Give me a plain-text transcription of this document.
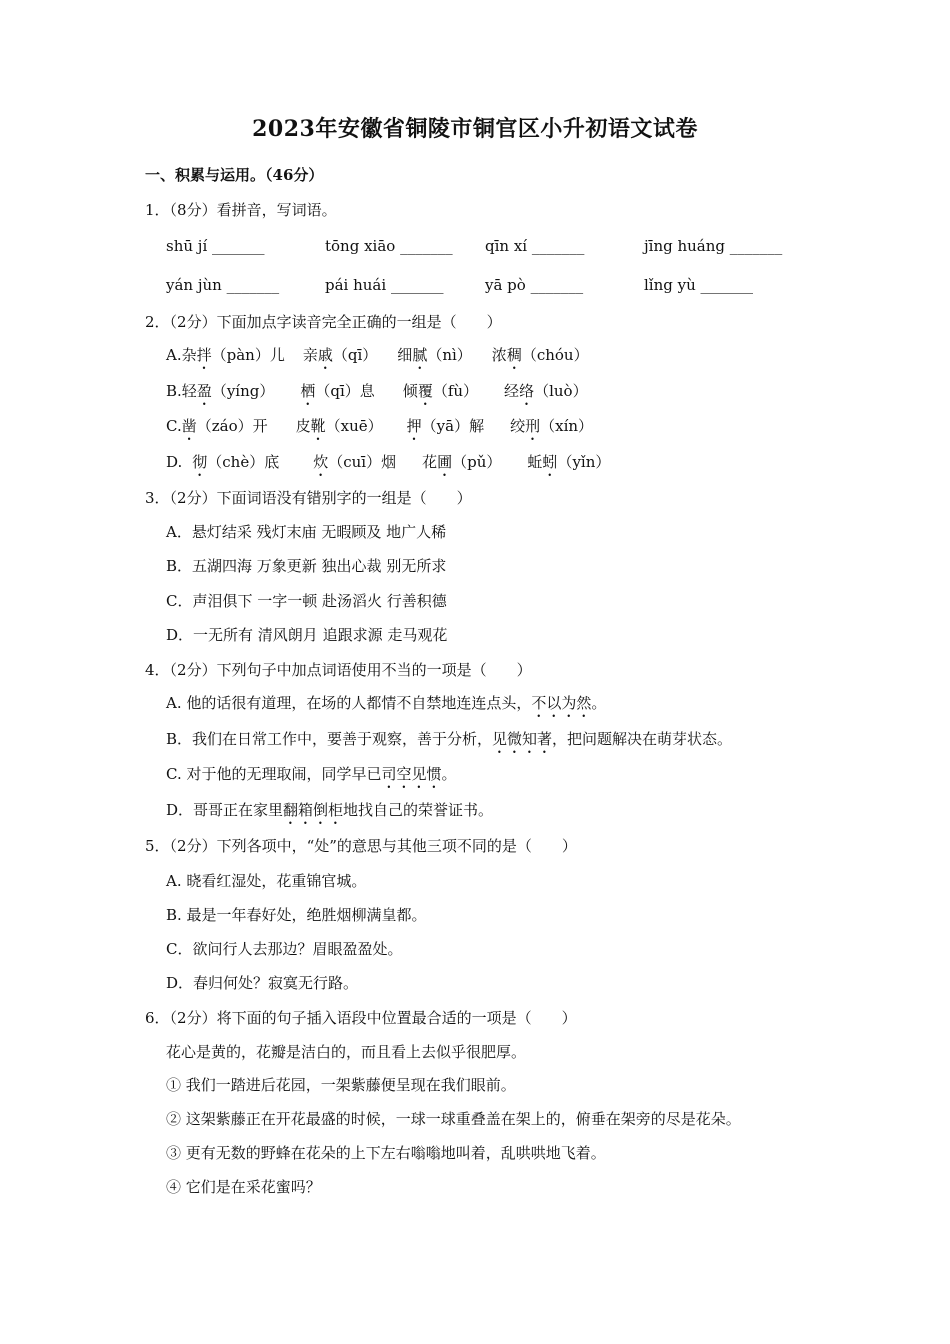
2023年安徽省铜陵市铜官区小升初语文试卷
一、积累与运用。（46分）
1．（8分）看拼音，写词语。
shū jí _______	tōng xiāo _______ qīn xí _______	jīng huáng _______
yán jùn _______	pái huái _______	yā pò _______	lǐng yù _______
2．（2分）下面加点字读音完全正确的一组是（　　）
A.杂拌（pàn）儿 亲戚（qī） 细腻（nì） 浓稠（chóu）
B.轻盈（yíng） 栖（qī）息 倾覆（fù） 经络（luò）
C.凿（záo）开 皮靴（xuē） 押（yā）解 绞刑（xín）
D. 彻（chè）底 炊（cuī）烟 花圃（pǔ） 蚯蚓（yǐn）
3．（2分）下面词语没有错别字的一组是（　　）
A．悬灯结采 残灯末庙 无暇顾及 地广人稀
B．五湖四海 万象更新 独出心裁 别无所求
C．声泪俱下 一字一顿 赴汤滔火 行善积德
D．一无所有 清风朗月 追跟求源 走马观花
4．（2分）下列句子中加点词语使用不当的一项是（　　）
A. 他的话很有道理，在场的人都情不自禁地连连点头，不以为然。
B．我们在日常工作中，要善于观察，善于分析，见微知著，把问题解决在萌芽状态。
C. 对于他的无理取闹，同学早已司空见惯。
D．哥哥正在家里翻箱倒柜地找自己的荣誉证书。
5．（2分）下列各项中，“处”的意思与其他三项不同的是（　　）
A. 晓看红湿处，花重锦官城。
B. 最是一年春好处，绝胜烟柳满皇都。
C．欲问行人去那边？眉眼盈盈处。
D．春归何处？寂寞无行路。
6．（2分）将下面的句子插入语段中位置最合适的一项是（　　）
花心是黄的，花瓣是洁白的，而且看上去似乎很肥厚。
① 我们一踏进后花园，一架紫藤便呈现在我们眼前。
② 这架紫藤正在开花最盛的时候，一球一球重叠盖在架上的，俯垂在架旁的尽是花朵。
③ 更有无数的野蜂在花朵的上下左右嗡嗡地叫着，乱哄哄地飞着。
④ 它们是在采花蜜吗？
